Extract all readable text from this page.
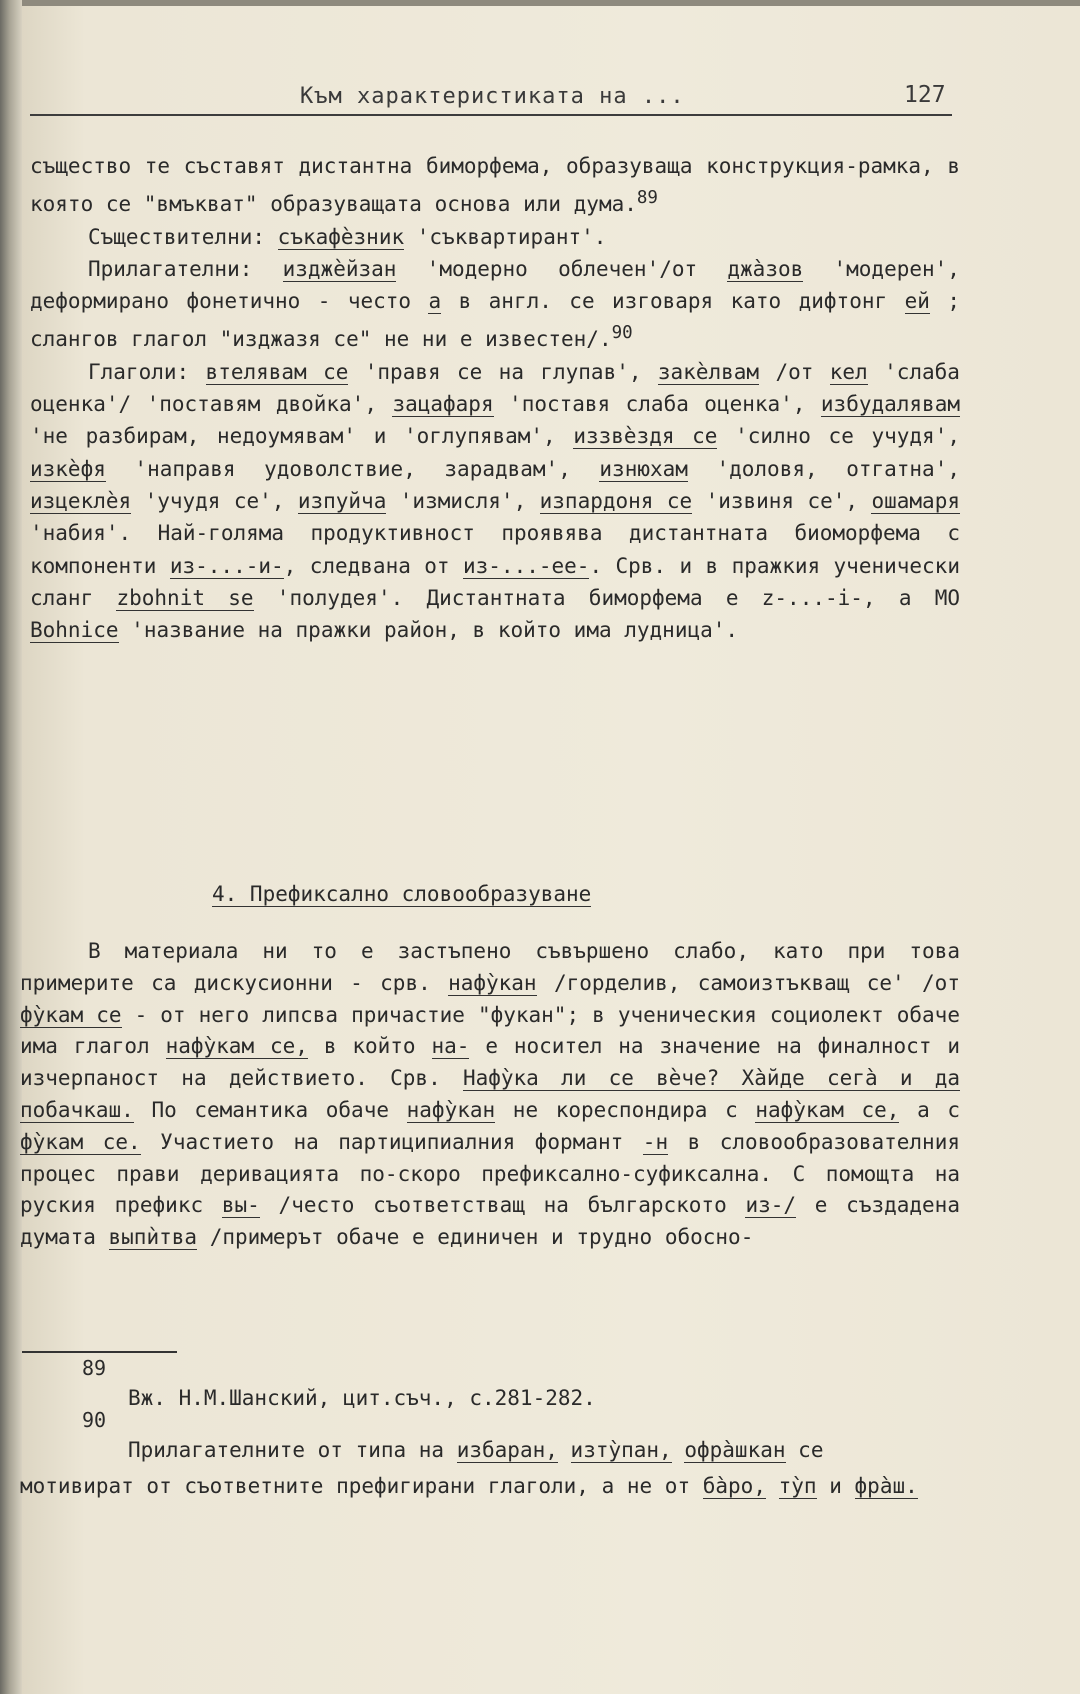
Към характеристиката на ...	127

същество те съставят дистантна биморфема, образуваща конструкция-рамка, в която се "вмъкват" образуващата основа или дума.$^{89}$

Съществителни: съкафѐзник 'съквартирант'.

Прилагателни: изджѐйзан 'модерно облечен'/от джа̀зов 'модерен', деформирано фонетично - често а в англ. се изговаря като дифтонг ей ; слангов глагол "изджазя се" не ни е известен/.$^{90}$

Глаголи: втелявам се 'правя се на глупав', закѐлвам /от кел 'слаба оценка'/ 'поставям двойка', зацафаря 'поставя слаба оценка', избудалявам 'не разбирам, недоумявам' и 'оглупявам', иззвѐздя се 'силно се учудя', изкѐфя 'направя удоволствие, зарадвам', изнюхам 'доловя, отгатна', изцеклѐя 'учудя се', изпуйча 'измисля', изпардоня се 'извиня се', ошамаря 'набия'. Най-голяма продуктивност проявява дистантната биоморфема с компоненти из-...-и-, следвана от из-...-ее-. Срв. и в пражкия ученически сланг zbohnit se 'полудея'. Дистантната биморфема е z-...-i-, а МО Bohnice 'название на пражки район, в който има лудница'.

4. Префиксално словообразуване

В материала ни то е застъпено съвършено слабо, като при това примерите са дискусионни - срв. нафу̀кан /горделив, самоизтъкващ се' /от фу̀кам се - от него липсва причастие "фукан"; в ученическия социолект обаче има глагол нафу̀кам се, в който на- е носител на значение на финалност и изчерпаност на действието. Срв. Нафу̀ка ли се вѐче? Ха̀йде сега̀ и да побачкаш. По семантика обаче нафу̀кан не кореспондира с нафу̀кам се, а с фу̀кам се. Участието на партиципиалния формант -н в словообразователния процес прави деривацията по-скоро префиксално-суфиксална. С помощта на руския префикс вы- /често съответстващ на българското из-/ е създадена думата выпѝтва /примерът обаче е единичен и трудно обосно-

89
Вж. Н.М.Шанский, цит.съч., с.281-282.
90
Прилагателните от типа на избаран, изту̀пан, офра̀шкан се мотивират от съответните префигирани глаголи, а не от ба̀ро, ту̀п и фра̀ш.
